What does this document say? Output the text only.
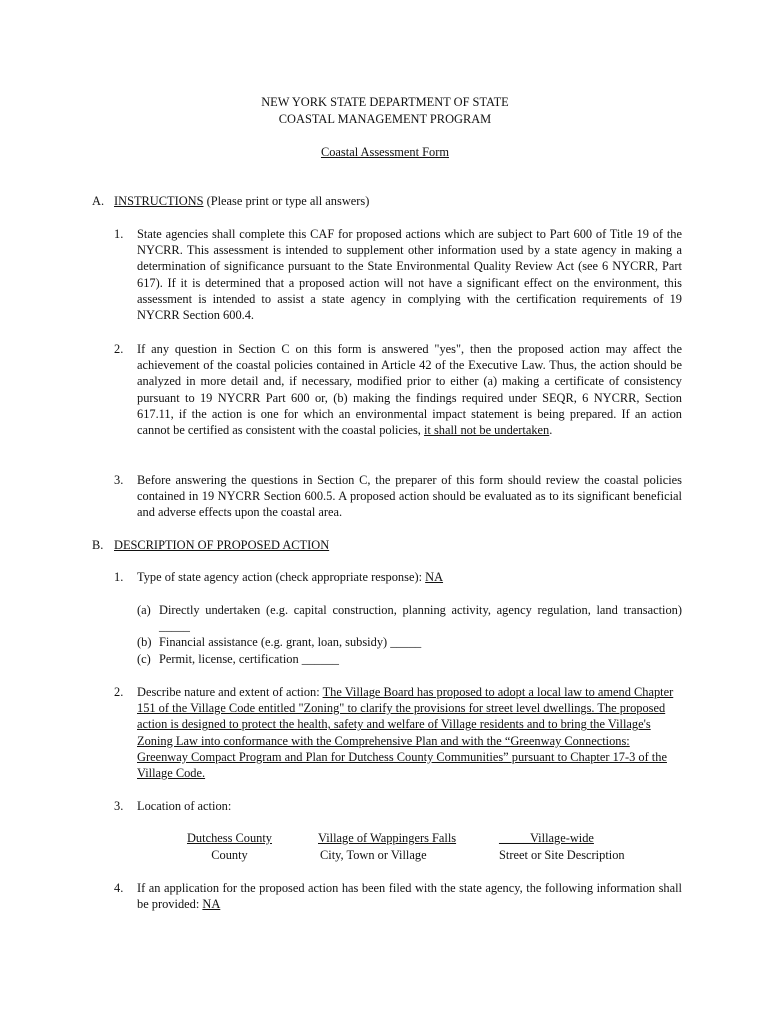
NEW YORK STATE DEPARTMENT OF STATE
COASTAL MANAGEMENT PROGRAM
Coastal Assessment Form
A. INSTRUCTIONS (Please print or type all answers)
1. State agencies shall complete this CAF for proposed actions which are subject to Part 600 of Title 19 of the NYCRR. This assessment is intended to supplement other information used by a state agency in making a determination of significance pursuant to the State Environmental Quality Review Act (see 6 NYCRR, Part 617). If it is determined that a proposed action will not have a significant effect on the environment, this assessment is intended to assist a state agency in complying with the certification requirements of 19 NYCRR Section 600.4.
2. If any question in Section C on this form is answered "yes", then the proposed action may affect the achievement of the coastal policies contained in Article 42 of the Executive Law. Thus, the action should be analyzed in more detail and, if necessary, modified prior to either (a) making a certificate of consistency pursuant to 19 NYCRR Part 600 or, (b) making the findings required under SEQR, 6 NYCRR, Section 617.11, if the action is one for which an environmental impact statement is being prepared. If an action cannot be certified as consistent with the coastal policies, it shall not be undertaken.
3. Before answering the questions in Section C, the preparer of this form should review the coastal policies contained in 19 NYCRR Section 600.5. A proposed action should be evaluated as to its significant beneficial and adverse effects upon the coastal area.
B. DESCRIPTION OF PROPOSED ACTION
1. Type of state agency action (check appropriate response): NA
(a) Directly undertaken (e.g. capital construction, planning activity, agency regulation, land transaction) _____
(b) Financial assistance (e.g. grant, loan, subsidy) _____
(c) Permit, license, certification ______
2. Describe nature and extent of action: The Village Board has proposed to adopt a local law to amend Chapter 151 of the Village Code entitled "Zoning" to clarify the provisions for street level dwellings. The proposed action is designed to protect the health, safety and welfare of Village residents and to bring the Village's Zoning Law into conformance with the Comprehensive Plan and with the “Greenway Connections: Greenway Compact Program and Plan for Dutchess County Communities” pursuant to Chapter 17-3 of the Village Code.
3. Location of action:
Dutchess County
County
Village of Wappingers Falls
City, Town or Village
_____Village-wide
Street or Site Description
4. If an application for the proposed action has been filed with the state agency, the following information shall be provided: NA
